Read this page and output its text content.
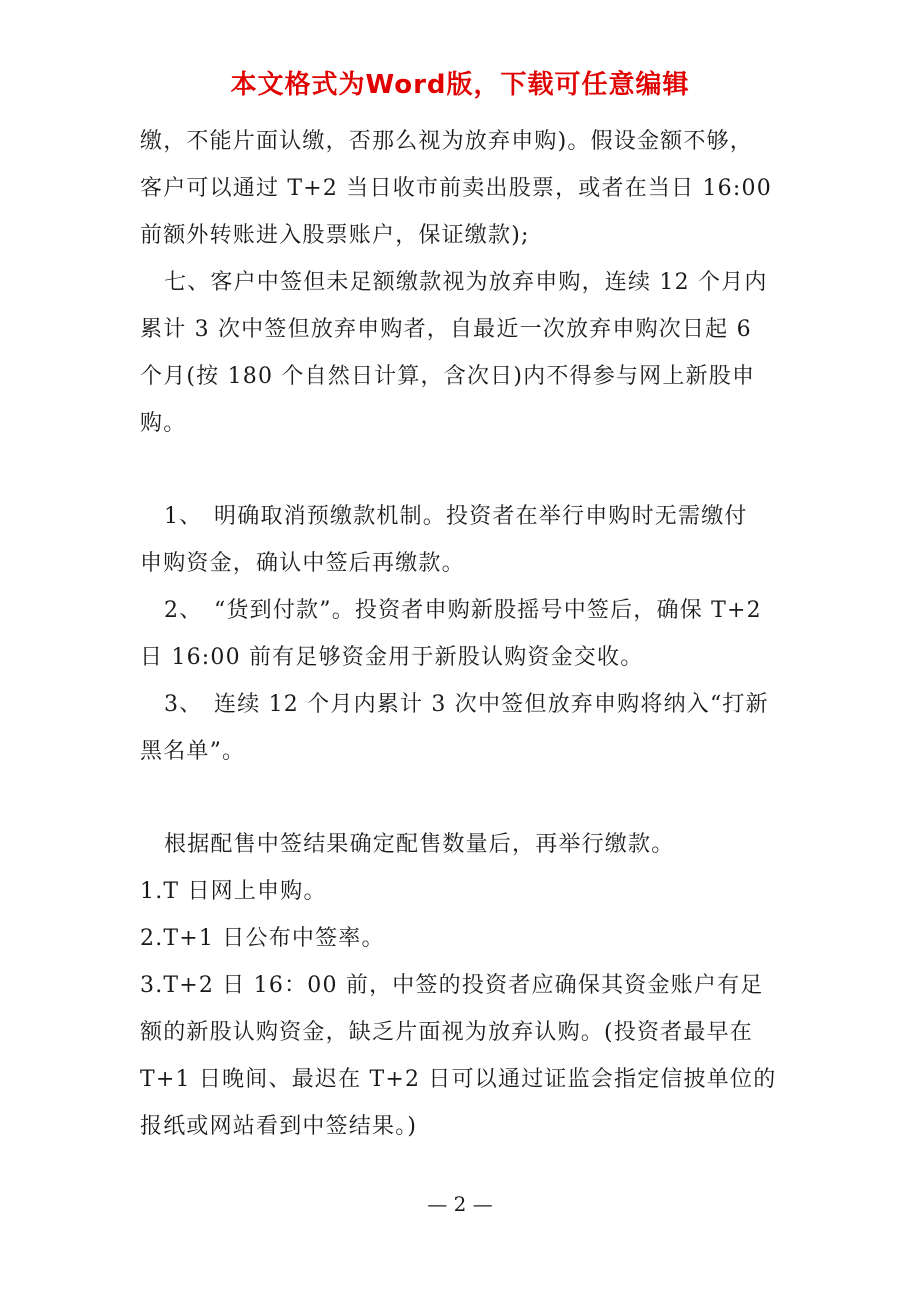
本文格式为Word版，下载可任意编辑
缴，不能片面认缴，否那么视为放弃申购)。假设金额不够，
客户可以通过 T+2 当日收市前卖出股票，或者在当日 16:00
前额外转账进入股票账户，保证缴款);
七、客户中签但未足额缴款视为放弃申购，连续 12 个月内
累计 3 次中签但放弃申购者，自最近一次放弃申购次日起 6
个月(按 180 个自然日计算，含次日)内不得参与网上新股申
购。
1、 明确取消预缴款机制。投资者在举行申购时无需缴付
申购资金，确认中签后再缴款。
2、 “货到付款”。投资者申购新股摇号中签后，确保 T+2
日 16:00 前有足够资金用于新股认购资金交收。
3、 连续 12 个月内累计 3 次中签但放弃申购将纳入“打新
黑名单”。
根据配售中签结果确定配售数量后，再举行缴款。
1.T 日网上申购。
2.T+1 日公布中签率。
3.T+2 日 16：00 前，中签的投资者应确保其资金账户有足
额的新股认购资金，缺乏片面视为放弃认购。(投资者最早在
T+1 日晚间、最迟在 T+2 日可以通过证监会指定信披单位的
报纸或网站看到中签结果。)
— 2 —
